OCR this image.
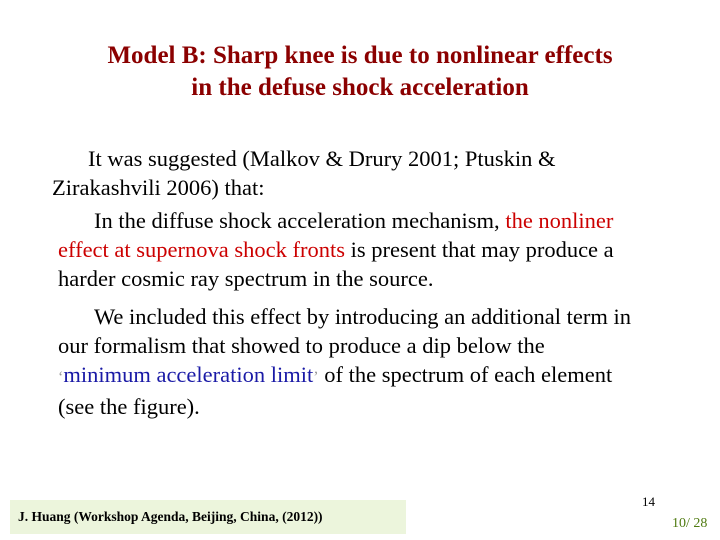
Model B: Sharp knee is due to nonlinear effects
in the defuse shock acceleration
It was suggested (Malkov & Drury 2001; Ptuskin &
Zirakashvili 2006) that:
In the diffuse shock acceleration mechanism, the nonliner
effect at supernova shock fronts is present that may produce a
harder cosmic ray spectrum in the source.
We included this effect by introducing an additional term in
our formalism that showed to produce a dip below the
‘minimum acceleration limit’ of the spectrum of each element
(see the figure).
J. Huang (Workshop Agenda, Beijing, China, (2012))
14
10/ 28
